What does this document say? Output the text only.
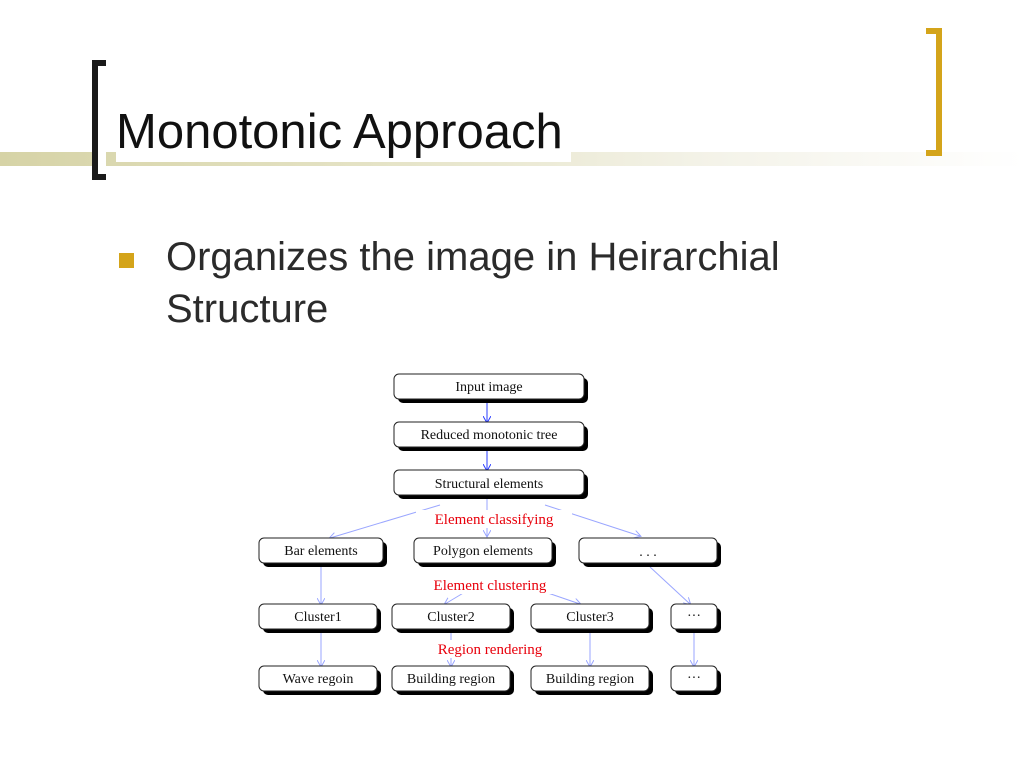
Monotonic Approach

Organizes the image in Heirarchial Structure

Element classifying
Element clustering
Region rendering
Input image
Reduced monotonic tree
Structural elements
Bar elements	Polygon elements	. . .
Cluster1	Cluster2	Cluster3	···
Wave regoin	Building region	Building region	···
